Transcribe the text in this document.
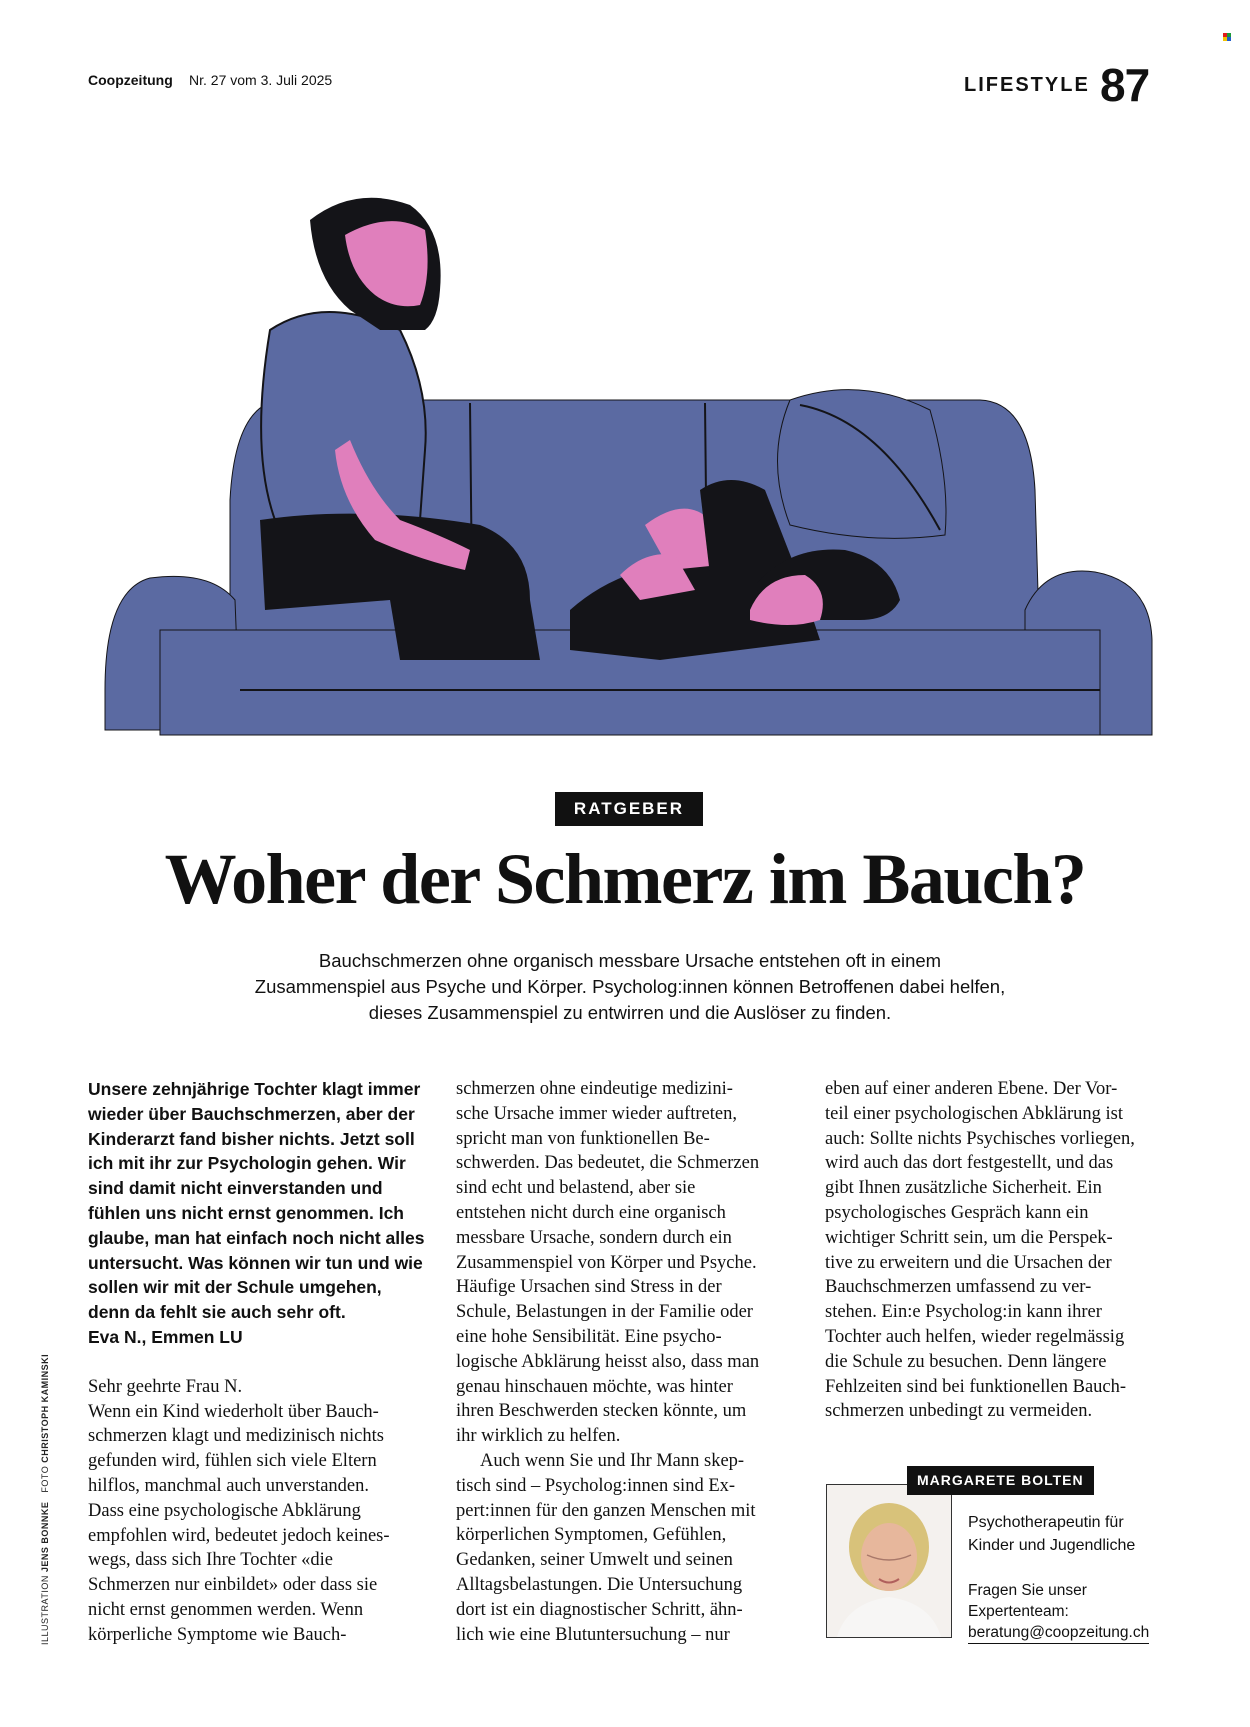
Coopzeitung Nr. 27 vom 3. Juli 2025	LIFESTYLE 87
RATGEBER
Woher der Schmerz im Bauch?
Bauchschmerzen ohne organisch messbare Ursache entstehen oft in einem
Zusammenspiel aus Psyche und Körper. Psycholog:innen können Betroffenen dabei helfen,
dieses Zusammenspiel zu entwirren und die Auslöser zu finden.
Unsere zehnjährige Tochter klagt immer
wieder über Bauchschmerzen, aber der
Kinderarzt fand bisher nichts. Jetzt soll
ich mit ihr zur Psychologin gehen. Wir
sind damit nicht einverstanden und
fühlen uns nicht ernst genommen. Ich
glaube, man hat einfach noch nicht alles
untersucht. Was können wir tun und wie
sollen wir mit der Schule umgehen,
denn da fehlt sie auch sehr oft.
Eva N., Emmen LU
Sehr geehrte Frau N.
Wenn ein Kind wiederholt über Bauch-
schmerzen klagt und medizinisch nichts
gefunden wird, fühlen sich viele Eltern
hilflos, manchmal auch unverstanden.
Dass eine psychologische Abklärung
empfohlen wird, bedeutet jedoch keines-
wegs, dass sich Ihre Tochter «die
Schmerzen nur einbildet» oder dass sie
nicht ernst genommen werden. Wenn
körperliche Symptome wie Bauch-
schmerzen ohne eindeutige medizini-
sche Ursache immer wieder auftreten,
spricht man von funktionellen Be-
schwerden. Das bedeutet, die Schmerzen
sind echt und belastend, aber sie
entstehen nicht durch eine organisch
messbare Ursache, sondern durch ein
Zusammenspiel von Körper und Psyche.
Häufige Ursachen sind Stress in der
Schule, Belastungen in der Familie oder
eine hohe Sensibilität. Eine psycho-
logische Abklärung heisst also, dass man
genau hinschauen möchte, was hinter
ihren Beschwerden stecken könnte, um
ihr wirklich zu helfen.
Auch wenn Sie und Ihr Mann skep-
tisch sind – Psycholog:innen sind Ex-
pert:innen für den ganzen Menschen mit
körperlichen Symptomen, Gefühlen,
Gedanken, seiner Umwelt und seinen
Alltagsbelastungen. Die Untersuchung
dort ist ein diagnostischer Schritt, ähn-
lich wie eine Blutuntersuchung – nur
eben auf einer anderen Ebene. Der Vor-
teil einer psychologischen Abklärung ist
auch: Sollte nichts Psychisches vorliegen,
wird auch das dort festgestellt, und das
gibt Ihnen zusätzliche Sicherheit. Ein
psychologisches Gespräch kann ein
wichtiger Schritt sein, um die Perspek-
tive zu erweitern und die Ursachen der
Bauchschmerzen umfassend zu ver-
stehen. Ein:e Psycholog:in kann ihrer
Tochter auch helfen, wieder regelmässig
die Schule zu besuchen. Denn längere
Fehlzeiten sind bei funktionellen Bauch-
schmerzen unbedingt zu vermeiden.
ILLUSTRATION JENS BONNKE   FOTO CHRISTOPH KAMINSKI
MARGARETE BOLTEN
Psychotherapeutin für
Kinder und Jugendliche
Fragen Sie unser
Expertenteam:
beratung@coopzeitung.ch
